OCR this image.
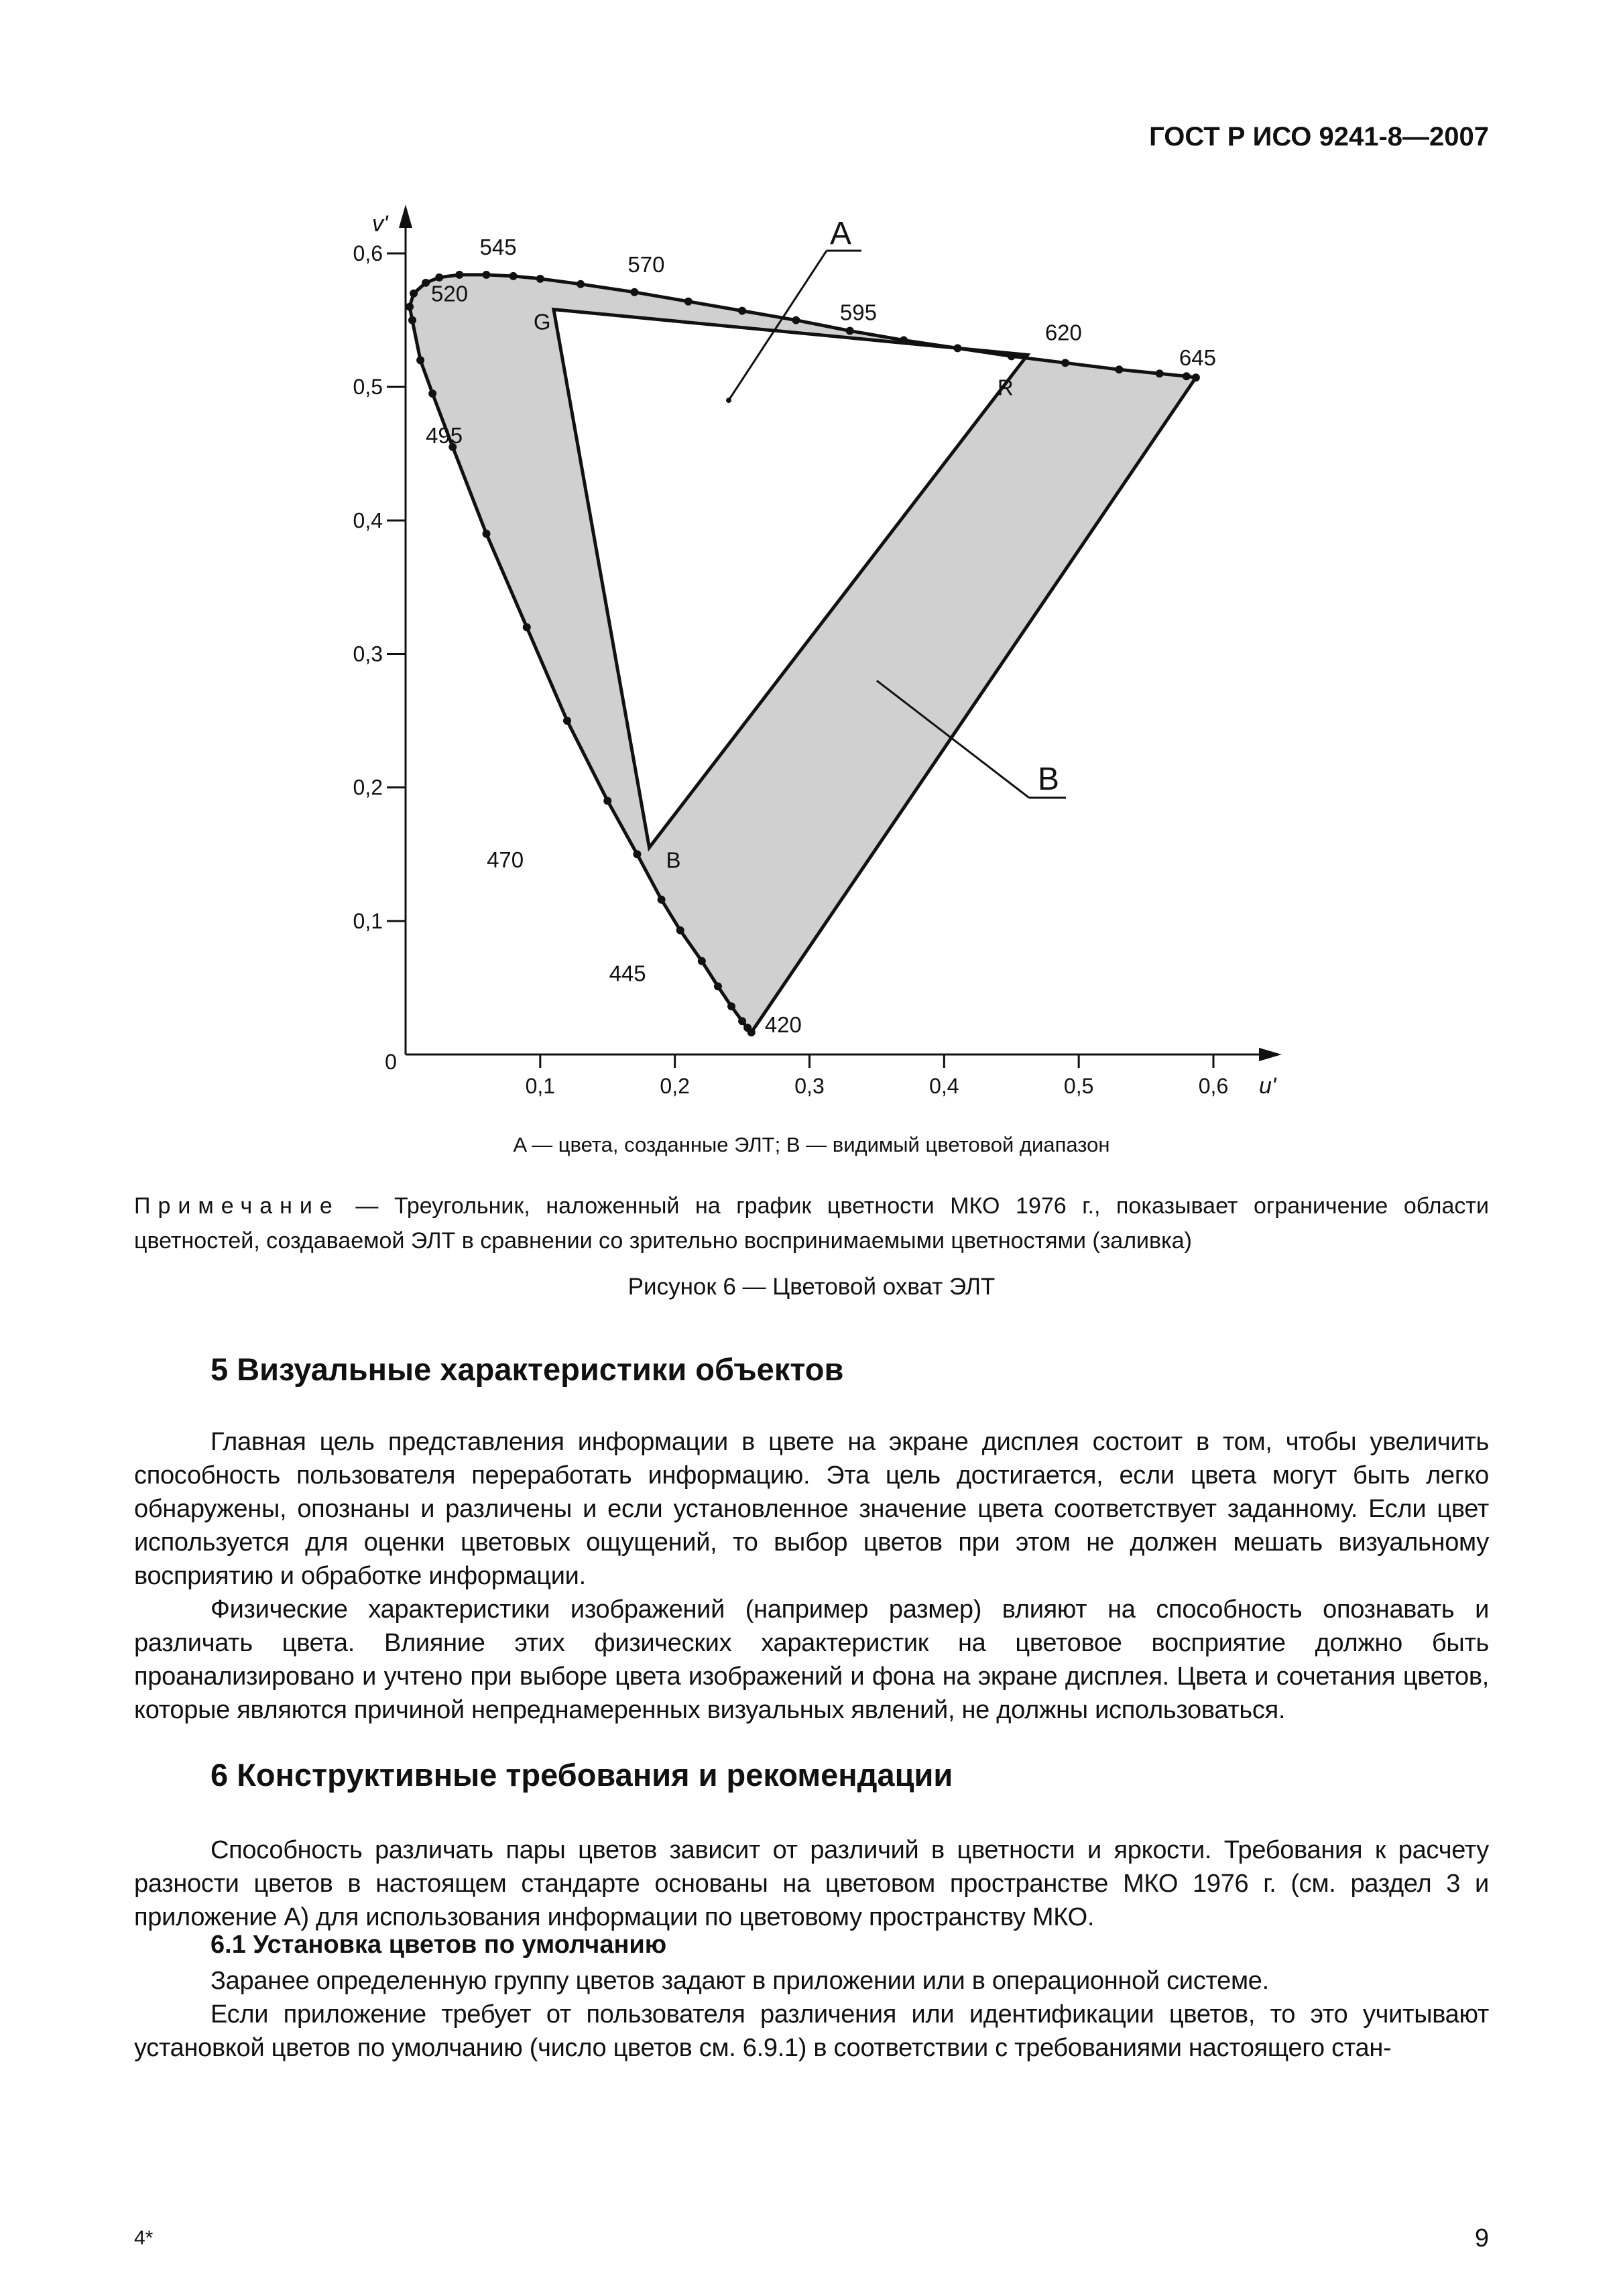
ГОСТ Р ИСО 9241-8—2007
0,1
0,2
0,3
0,4
0,5
0,6
0,1	0,2	0,3	0,4	0,5	0,6
0
u'
v'
420
445
470
495
520
545
570
595
620
645
G
R
B
A
B
A — цвета, созданные ЭЛТ; B — видимый цветовой диапазон
Примечание — Треугольник, наложенный на график цветности МКО 1976 г., показывает ограничение области цветностей, создаваемой ЭЛТ в сравнении со зрительно воспринимаемыми цветностями (заливка)
Рисунок 6 — Цветовой охват ЭЛТ
5 Визуальные характеристики объектов

Главная цель представления информации в цвете на экране дисплея состоит в том, чтобы увеличить способность пользователя переработать информацию. Эта цель достигается, если цвета могут быть легко обнаружены, опознаны и различены и если установленное значение цвета соответствует заданному. Если цвет используется для оценки цветовых ощущений, то выбор цветов при этом не должен мешать визуальному восприятию и обработке информации.

Физические характеристики изображений (например размер) влияют на способность опознавать и различать цвета. Влияние этих физических характеристик на цветовое восприятие должно быть проанализировано и учтено при выборе цвета изображений и фона на экране дисплея. Цвета и сочетания цветов, которые являются причиной непреднамеренных визуальных явлений, не должны использоваться.

6 Конструктивные требования и рекомендации

Способность различать пары цветов зависит от различий в цветности и яркости. Требования к расчету разности цветов в настоящем стандарте основаны на цветовом пространстве МКО 1976 г. (см. раздел 3 и приложение А) для использования информации по цветовому пространству МКО.

6.1 Установка цветов по умолчанию

Заранее определенную группу цветов задают в приложении или в операционной системе.

Если приложение требует от пользователя различения или идентификации цветов, то это учитывают установкой цветов по умолчанию (число цветов см. 6.9.1) в соответствии с требованиями настоящего стан-

4*	9
